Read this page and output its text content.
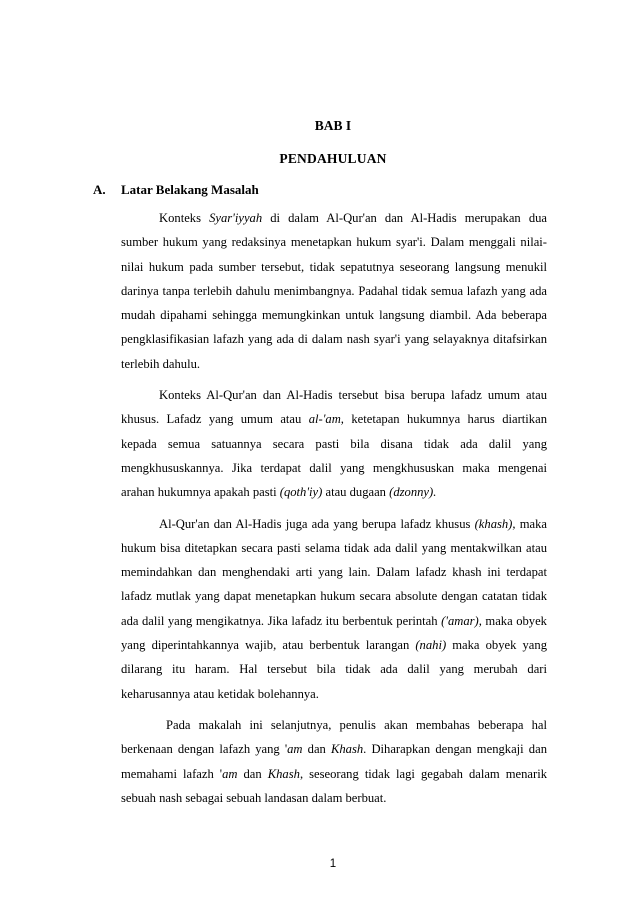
BAB I
PENDAHULUAN
A. Latar Belakang Masalah

Konteks Syar'iyyah di dalam Al-Qur'an dan Al-Hadis merupakan dua sumber hukum yang redaksinya menetapkan hukum syar'i. Dalam menggali nilai-nilai hukum pada sumber tersebut, tidak sepatutnya seseorang langsung menukil darinya tanpa terlebih dahulu menimbangnya. Padahal tidak semua lafazh yang ada mudah dipahami sehingga memungkinkan untuk langsung diambil. Ada beberapa pengklasifikasian lafazh yang ada di dalam nash syar'i yang selayaknya ditafsirkan terlebih dahulu.

Konteks Al-Qur'an dan Al-Hadis tersebut bisa berupa lafadz umum atau khusus. Lafadz yang umum atau al-'am, ketetapan hukumnya harus diartikan kepada semua satuannya secara pasti bila disana tidak ada dalil yang mengkhususkannya. Jika terdapat dalil yang mengkhususkan maka mengenai arahan hukumnya apakah pasti (qoth'iy) atau dugaan (dzonny).

Al-Qur'an dan Al-Hadis juga ada yang berupa lafadz khusus (khash), maka hukum bisa ditetapkan secara pasti selama tidak ada dalil yang mentakwilkan atau memindahkan dan menghendaki arti yang lain. Dalam lafadz khash ini terdapat lafadz mutlak yang dapat menetapkan hukum secara absolute dengan catatan tidak ada dalil yang mengikatnya. Jika lafadz itu berbentuk perintah ('amar), maka obyek yang diperintahkannya wajib, atau berbentuk larangan (nahi) maka obyek yang dilarang itu haram. Hal tersebut bila tidak ada dalil yang merubah dari keharusannya atau ketidak bolehannya.

Pada makalah ini selanjutnya, penulis akan membahas beberapa hal berkenaan dengan lafazh yang 'am dan Khash. Diharapkan dengan mengkaji dan memahami lafazh 'am dan Khash, seseorang tidak lagi gegabah dalam menarik sebuah nash sebagai sebuah landasan dalam berbuat.

1
